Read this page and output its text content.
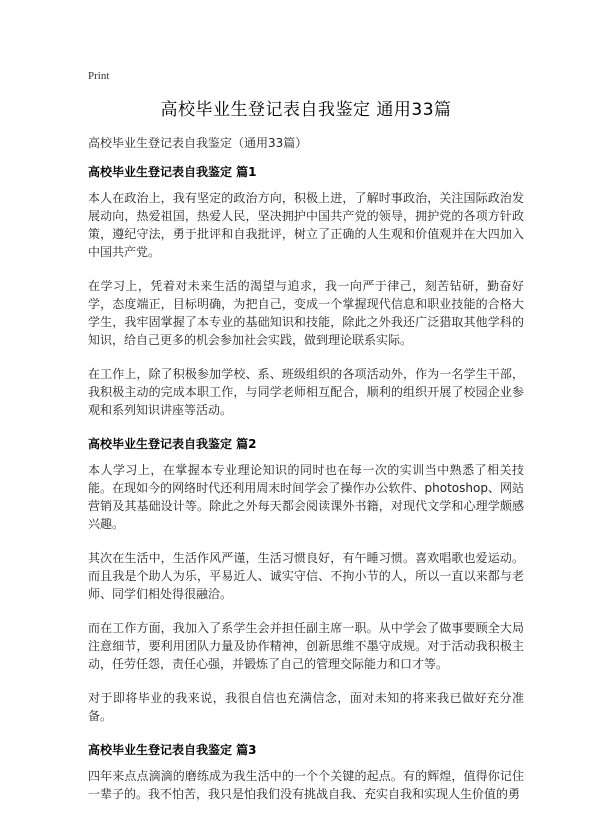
Print
高校毕业生登记表自我鉴定 通用33篇
高校毕业生登记表自我鉴定（通用33篇）
高校毕业生登记表自我鉴定 篇1

本人在政治上，我有坚定的政治方向，积极上进，了解时事政治，关注国际政治发展动向，热爱祖国，热爱人民，坚决拥护中国共产党的领导，拥护党的各项方针政策，遵纪守法，勇于批评和自我批评，树立了正确的人生观和价值观并在大四加入中国共产党。

在学习上，凭着对未来生活的渴望与追求，我一向严于律己，刻苦钻研，勤奋好学，态度端正，目标明确，为把自己，变成一个掌握现代信息和职业技能的合格大学生，我牢固掌握了本专业的基础知识和技能，除此之外我还广泛猎取其他学科的知识，给自己更多的机会参加社会实践，做到理论联系实际。

在工作上，除了积极参加学校、系、班级组织的各项活动外，作为一名学生干部，我积极主动的完成本职工作，与同学老师相互配合，顺利的组织开展了校园企业参观和系列知识讲座等活动。

高校毕业生登记表自我鉴定 篇2

本人学习上，在掌握本专业理论知识的同时也在每一次的实训当中熟悉了相关技能。在现如今的网络时代还利用周末时间学会了操作办公软件、photoshop、网站营销及其基础设计等。除此之外每天都会阅读课外书籍，对现代文学和心理学颇感兴趣。

其次在生活中，生活作风严谨，生活习惯良好，有午睡习惯。喜欢唱歌也爱运动。而且我是个助人为乐，平易近人、诚实守信、不拘小节的人，所以一直以来都与老师、同学们相处得很融洽。

而在工作方面，我加入了系学生会并担任副主席一职。从中学会了做事要顾全大局注意细节，要利用团队力量及协作精神，创新思维不墨守成规。对于活动我积极主动，任劳任怨，责任心强，并锻炼了自己的管理交际能力和口才等。

对于即将毕业的我来说，我很自信也充满信念，面对未知的将来我已做好充分准备。

高校毕业生登记表自我鉴定 篇3

四年来点点滴滴的磨练成为我生活中的一个个关键的起点。有的辉煌，值得你记住一辈子的。我不怕苦，我只是怕我们没有挑战自我、充实自我和实现人生价值的勇
